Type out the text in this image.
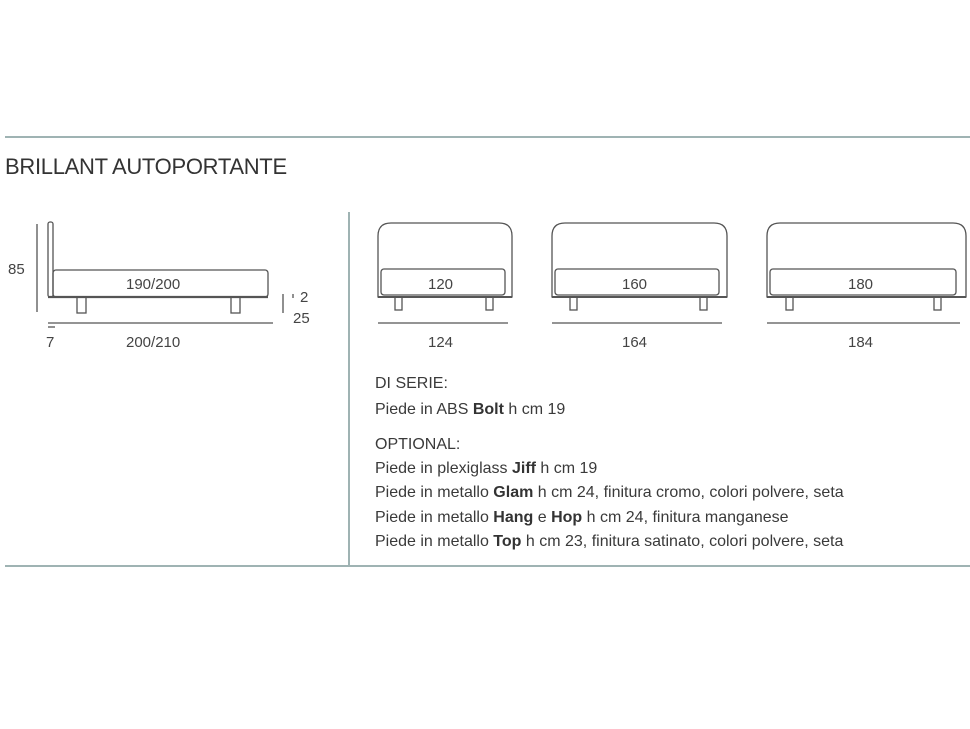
BRILLANT AUTOPORTANTE
85
190/200
2
25
7	200/210
120
124
160
164
180
184
DI SERIE:
Piede in ABS Bolt h cm 19
OPTIONAL:
Piede in plexiglass Jiff h cm 19
Piede in metallo Glam h cm 24, finitura cromo, colori polvere, seta
Piede in metallo Hang e Hop h cm 24, finitura manganese
Piede in metallo Top h cm 23, finitura satinato, colori polvere, seta
